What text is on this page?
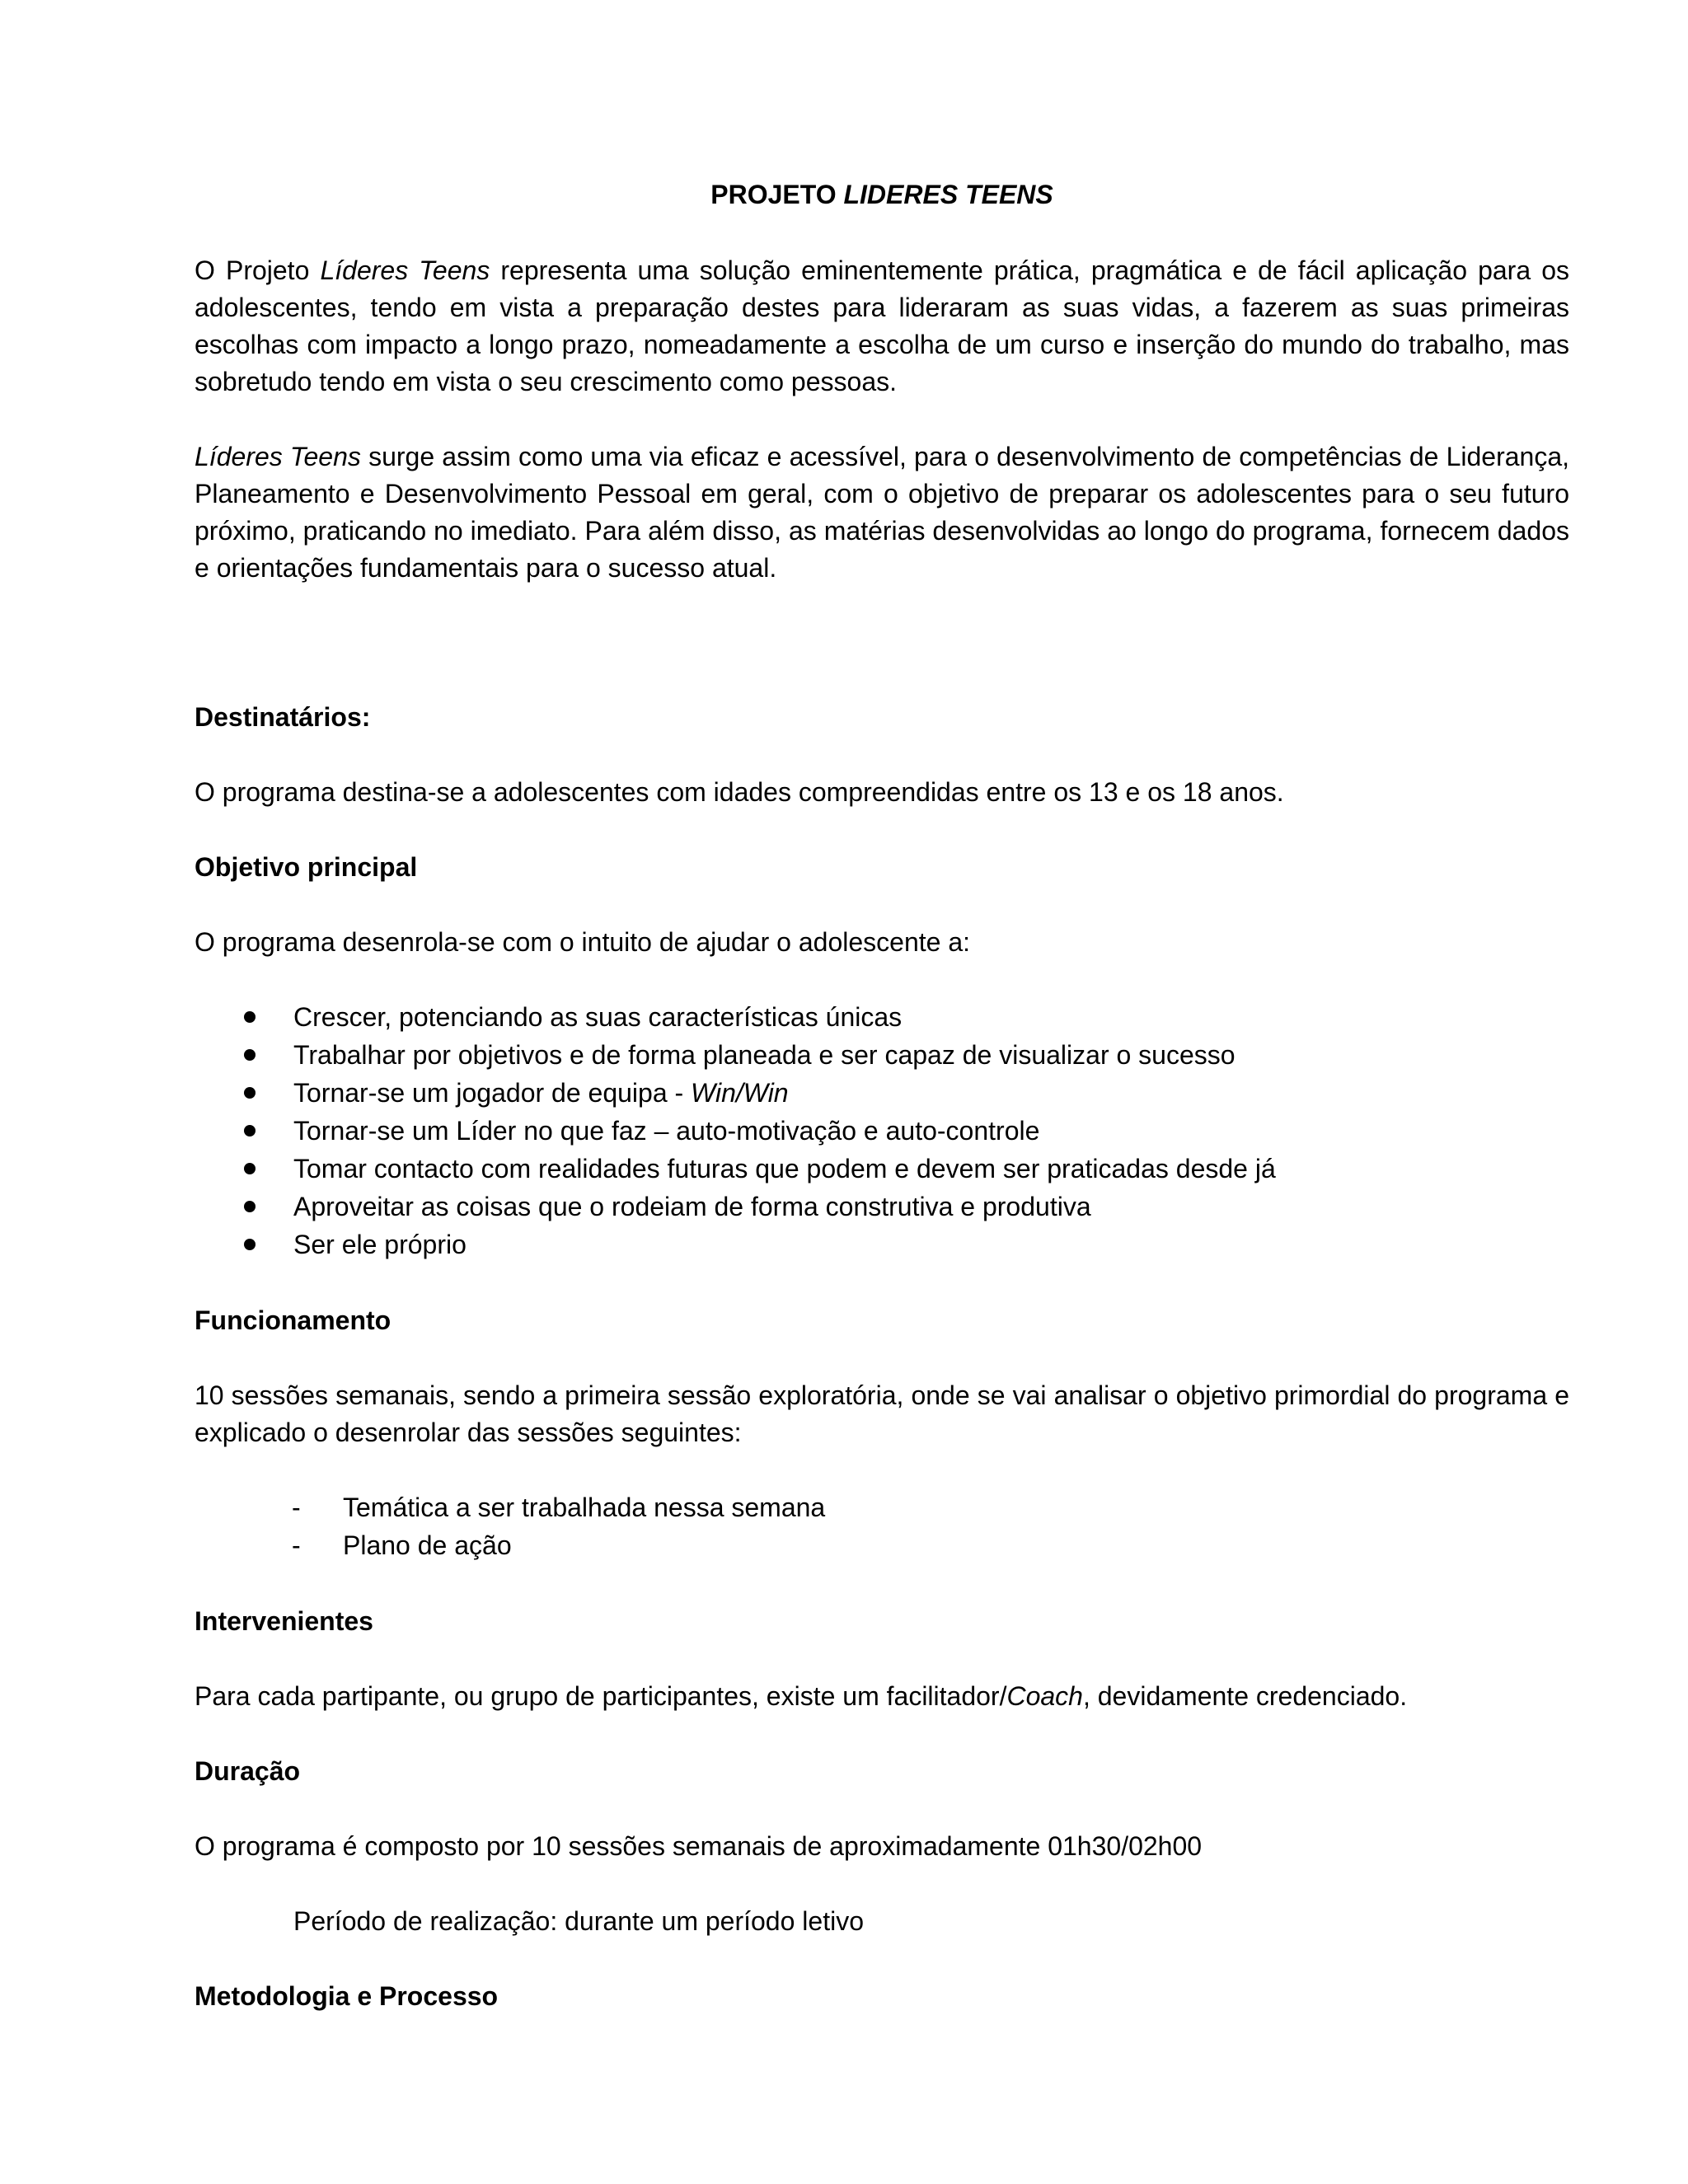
PROJETO LIDERES TEENS

O Projeto Líderes Teens representa uma solução eminentemente prática, pragmática e de fácil aplicação para os adolescentes, tendo em vista a preparação destes para lideraram as suas vidas, a fazerem as suas primeiras escolhas com impacto a longo prazo, nomeadamente a escolha de um curso e inserção do mundo do trabalho, mas sobretudo tendo em vista o seu crescimento como pessoas.

Líderes Teens surge assim como uma via eficaz e acessível, para o desenvolvimento de competências de Liderança, Planeamento e Desenvolvimento Pessoal em geral, com o objetivo de preparar os adolescentes para o seu futuro próximo, praticando no imediato. Para além disso, as matérias desenvolvidas ao longo do programa, fornecem dados e orientações fundamentais para o sucesso atual.

Destinatários:

O programa destina-se a adolescentes com idades compreendidas entre os 13 e os 18 anos.

Objetivo principal

O programa desenrola-se com o intuito de ajudar o adolescente a:

Crescer, potenciando as suas características únicas
Trabalhar por objetivos e de forma planeada e ser capaz de visualizar o sucesso
Tornar-se um jogador de equipa - Win/Win
Tornar-se um Líder no que faz – auto-motivação e auto-controle
Tomar contacto com realidades futuras que podem e devem ser praticadas desde já
Aproveitar as coisas que o rodeiam de forma construtiva e produtiva
Ser ele próprio

Funcionamento

10 sessões semanais, sendo a primeira sessão exploratória, onde se vai analisar o objetivo primordial do programa e explicado o desenrolar das sessões seguintes:

- Temática a ser trabalhada nessa semana
- Plano de ação

Intervenientes

Para cada partipante, ou grupo de participantes, existe um facilitador/Coach, devidamente credenciado.

Duração

O programa é composto por 10 sessões semanais de aproximadamente 01h30/02h00

Período de realização: durante um período letivo

Metodologia e Processo
